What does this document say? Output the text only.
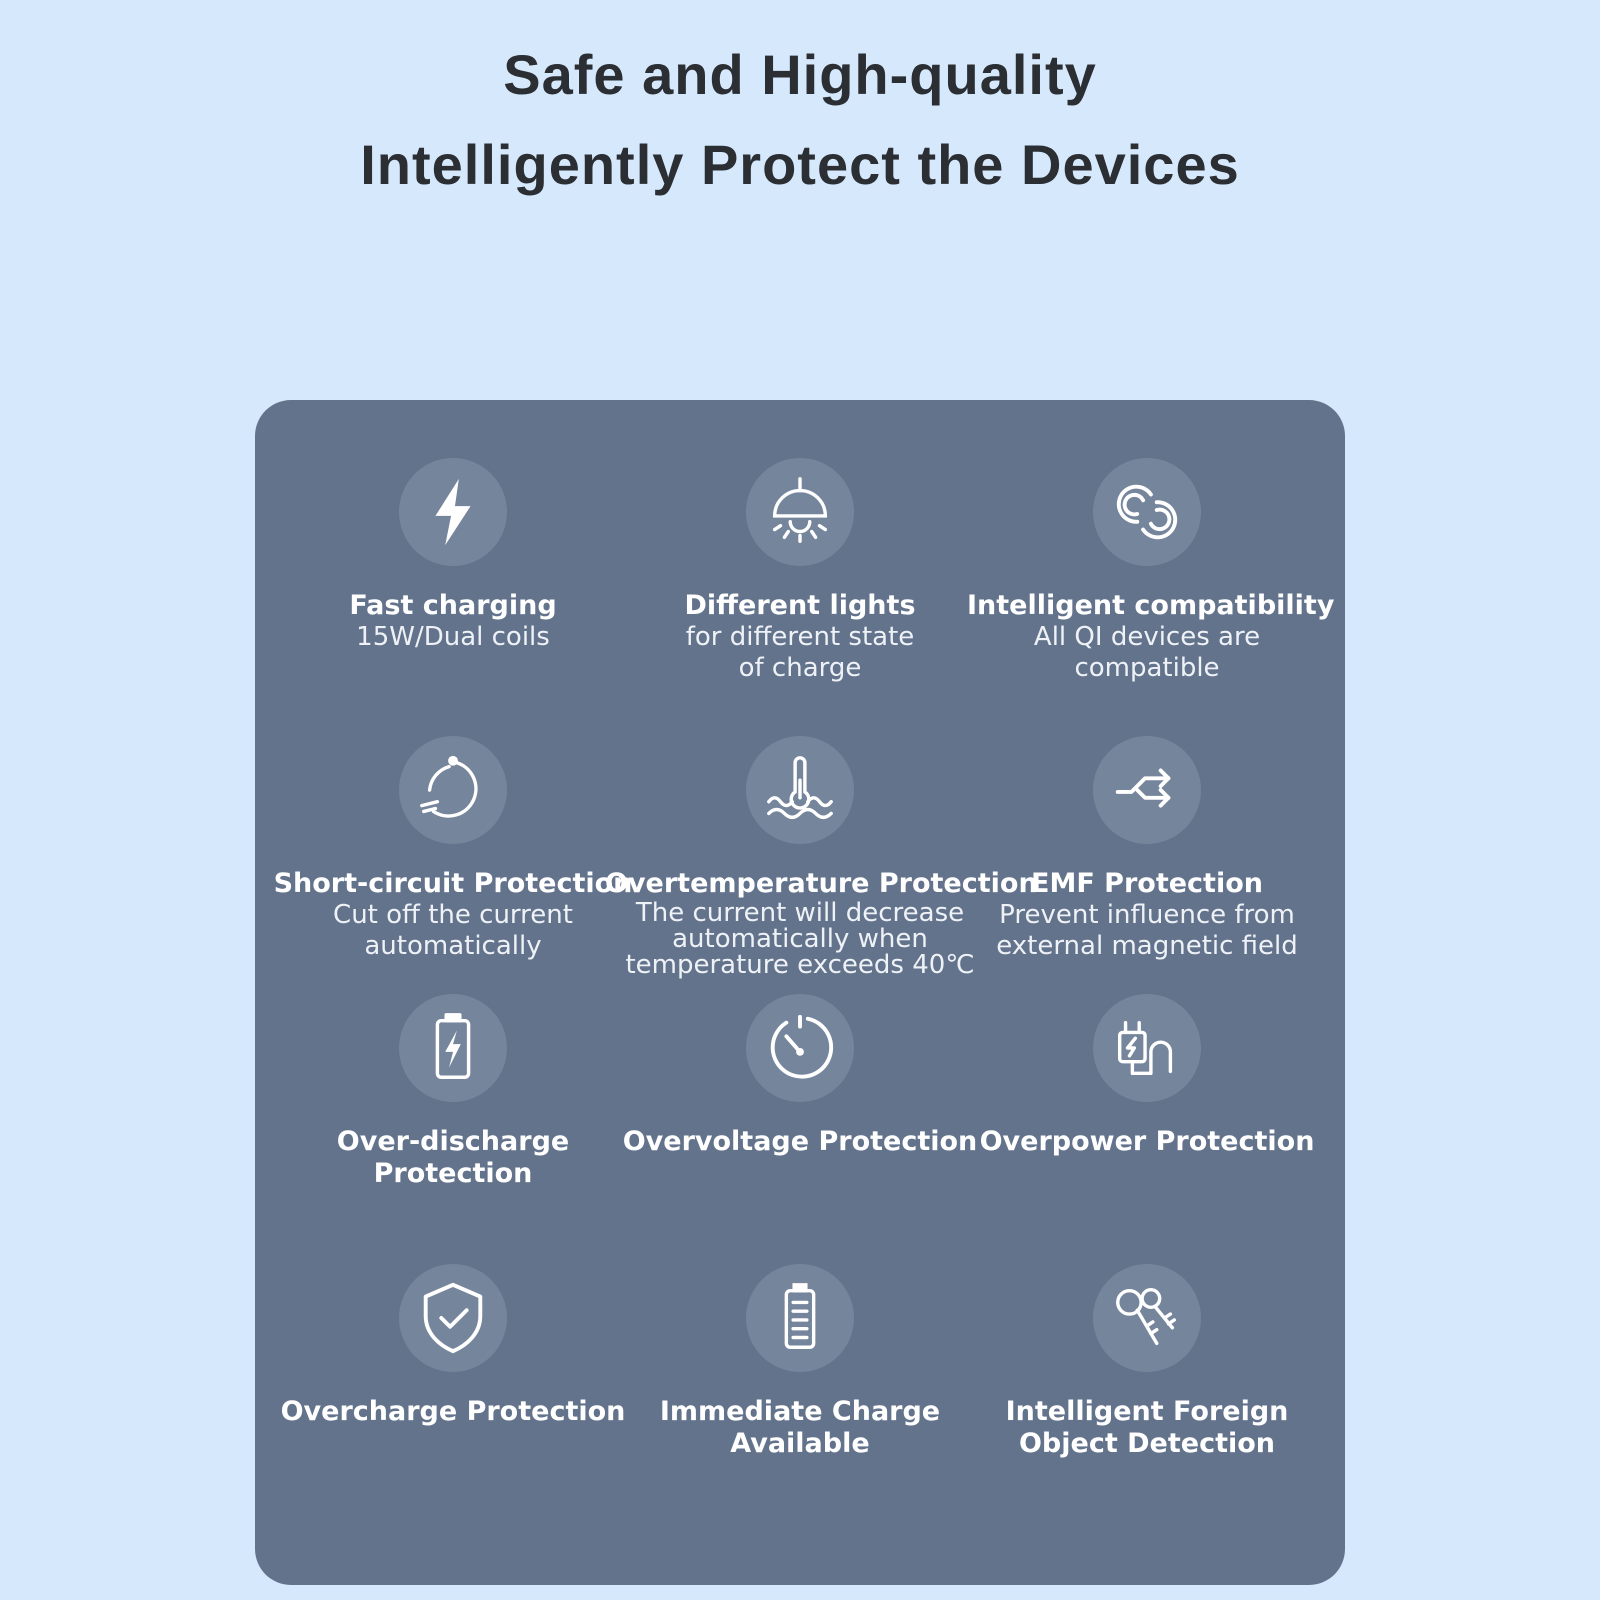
Safe and High-quality
Intelligently Protect the Devices
Fast charging
15W/Dual coils
Different lights
for different state
of charge
Intelligent compatibility
All QI devices are
compatible
Short-circuit Protection
Cut off the current
automatically
Overtemperature Protection
The current will decrease
automatically when
temperature exceeds 40℃
EMF Protection
Prevent influence from
external magnetic field
Over-discharge
Protection
Overvoltage Protection Overpower Protection
Overcharge Protection	Immediate Charge
Available
Intelligent Foreign
Object Detection
